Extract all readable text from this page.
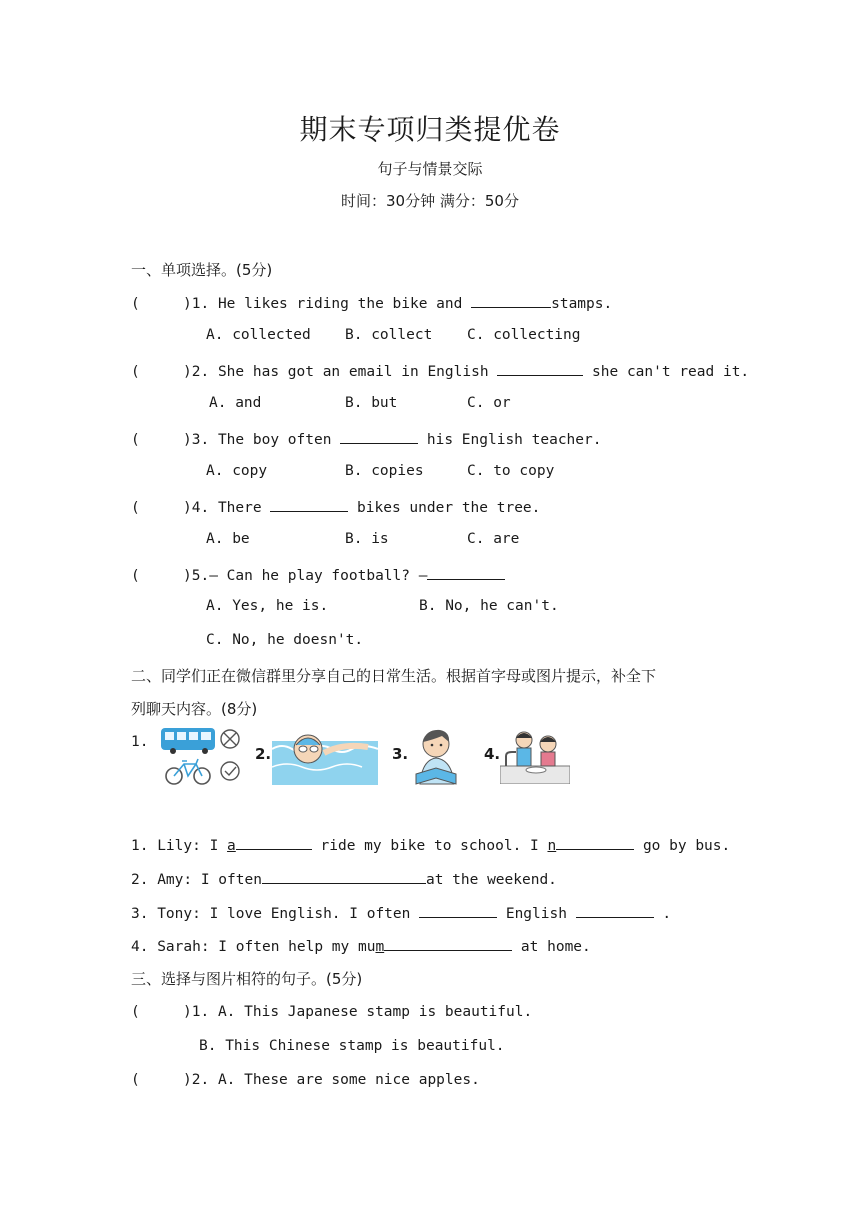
期末专项归类提优卷
句子与情景交际
时间：30分钟 满分：50分
一、单项选择。(5分)
(	)1. He likes riding the bike and	stamps.
A. collected B. collect C. collecting
(	)2. She has got an email in English	she can't read it.
A. and	B. but	C. or
(	)3. The boy often	his English teacher.
A. copy	B. copies	C. to copy
(	)4. There	bikes under the tree.
A. be	B. is	C. are
(	)5.— Can he play football? —
A. Yes, he is.	B. No, he can't.
C. No, he doesn't.
二、同学们正在微信群里分享自己的日常生活。根据首字母或图片提示，补全下
列聊天内容。(8分)
1.
2.	3.	4.
1. Lily: I a	ride my bike to school. I n	go by bus.
2. Amy: I often	at the weekend.
3. Tony: I love English. I often	English	.
4. Sarah: I often help my mum	at home.
三、选择与图片相符的句子。(5分)
(	)1. A. This Japanese stamp is beautiful.
B. This Chinese stamp is beautiful.
(	)2. A. These are some nice apples.
